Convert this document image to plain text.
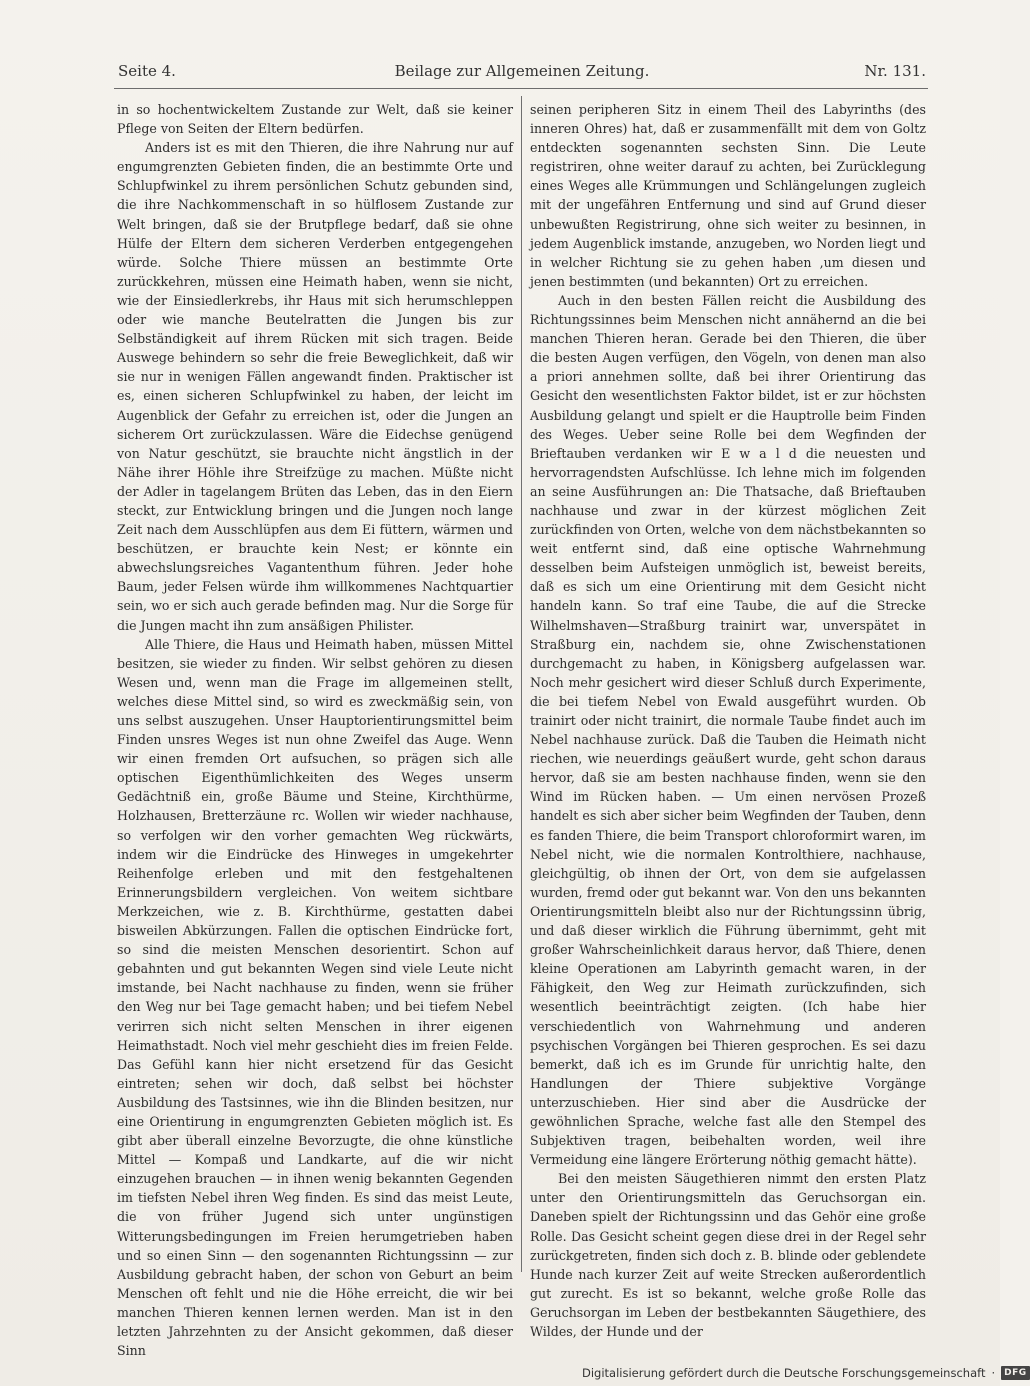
Seite 4.	Beilage zur Allgemeinen Zeitung.	Nr. 131.

in so hochentwickeltem Zustande zur Welt, daß sie keiner Pflege von Seiten der Eltern bedürfen.

Anders ist es mit den Thieren, die ihre Nahrung nur auf engumgrenzten Gebieten finden, die an bestimmte Orte und Schlupfwinkel zu ihrem persönlichen Schutz gebunden sind, die ihre Nachkommenschaft in so hülflosem Zustande zur Welt bringen, daß sie der Brutpflege bedarf, daß sie ohne Hülfe der Eltern dem sicheren Verderben entgegengehen würde. Solche Thiere müssen an bestimmte Orte zurückkehren, müssen eine Heimath haben, wenn sie nicht, wie der Einsiedlerkrebs, ihr Haus mit sich herumschleppen oder wie manche Beutelratten die Jungen bis zur Selbständigkeit auf ihrem Rücken mit sich tragen. Beide Auswege behindern so sehr die freie Beweglichkeit, daß wir sie nur in wenigen Fällen angewandt finden. Praktischer ist es, einen sicheren Schlupfwinkel zu haben, der leicht im Augenblick der Gefahr zu erreichen ist, oder die Jungen an sicherem Ort zurückzulassen. Wäre die Eidechse genügend von Natur geschützt, sie brauchte nicht ängstlich in der Nähe ihrer Höhle ihre Streifzüge zu machen. Müßte nicht der Adler in tagelangem Brüten das Leben, das in den Eiern steckt, zur Entwicklung bringen und die Jungen noch lange Zeit nach dem Ausschlüpfen aus dem Ei füttern, wärmen und beschützen, er brauchte kein Nest; er könnte ein abwechslungsreiches Vagantenthum führen. Jeder hohe Baum, jeder Felsen würde ihm willkommenes Nachtquartier sein, wo er sich auch gerade befinden mag. Nur die Sorge für die Jungen macht ihn zum ansäßigen Philister.

Alle Thiere, die Haus und Heimath haben, müssen Mittel besitzen, sie wieder zu finden. Wir selbst gehören zu diesen Wesen und, wenn man die Frage im allgemeinen stellt, welches diese Mittel sind, so wird es zweckmäßig sein, von uns selbst auszugehen. Unser Hauptorientirungsmittel beim Finden unsres Weges ist nun ohne Zweifel das Auge. Wenn wir einen fremden Ort aufsuchen, so prägen sich alle optischen Eigenthümlichkeiten des Weges unserm Gedächtniß ein, große Bäume und Steine, Kirchthürme, Holzhausen, Bretterzäune rc. Wollen wir wieder nachhause, so verfolgen wir den vorher gemachten Weg rückwärts, indem wir die Eindrücke des Hinweges in umgekehrter Reihenfolge erleben und mit den festgehaltenen Erinnerungsbildern vergleichen. Von weitem sichtbare Merkzeichen, wie z. B. Kirchthürme, gestatten dabei bisweilen Abkürzungen. Fallen die optischen Eindrücke fort, so sind die meisten Menschen desorientirt. Schon auf gebahnten und gut bekannten Wegen sind viele Leute nicht imstande, bei Nacht nachhause zu finden, wenn sie früher den Weg nur bei Tage gemacht haben; und bei tiefem Nebel verirren sich nicht selten Menschen in ihrer eigenen Heimathstadt. Noch viel mehr geschieht dies im freien Felde. Das Gefühl kann hier nicht ersetzend für das Gesicht eintreten; sehen wir doch, daß selbst bei höchster Ausbildung des Tastsinnes, wie ihn die Blinden besitzen, nur eine Orientirung in engumgrenzten Gebieten möglich ist. Es gibt aber überall einzelne Bevorzugte, die ohne künstliche Mittel — Kompaß und Landkarte, auf die wir nicht einzugehen brauchen — in ihnen wenig bekannten Gegenden im tiefsten Nebel ihren Weg finden. Es sind das meist Leute, die von früher Jugend sich unter ungünstigen Witterungsbedingungen im Freien herumgetrieben haben und so einen Sinn — den sogenannten Richtungssinn — zur Ausbildung gebracht haben, der schon von Geburt an beim Menschen oft fehlt und nie die Höhe erreicht, die wir bei manchen Thieren kennen lernen werden. Man ist in den letzten Jahrzehnten zu der Ansicht gekommen, daß dieser Sinn

seinen peripheren Sitz in einem Theil des Labyrinths (des inneren Ohres) hat, daß er zusammenfällt mit dem von Goltz entdeckten sogenannten sechsten Sinn. Die Leute registriren, ohne weiter darauf zu achten, bei Zurücklegung eines Weges alle Krümmungen und Schlängelungen zugleich mit der ungefähren Entfernung und sind auf Grund dieser unbewußten Registrirung, ohne sich weiter zu besinnen, in jedem Augenblick imstande, anzugeben, wo Norden liegt und in welcher Richtung sie zu gehen haben ,um diesen und jenen bestimmten (und bekannten) Ort zu erreichen.

Auch in den besten Fällen reicht die Ausbildung des Richtungssinnes beim Menschen nicht annähernd an die bei manchen Thieren heran. Gerade bei den Thieren, die über die besten Augen verfügen, den Vögeln, von denen man also a priori annehmen sollte, daß bei ihrer Orientirung das Gesicht den wesentlichsten Faktor bildet, ist er zur höchsten Ausbildung gelangt und spielt er die Hauptrolle beim Finden des Weges. Ueber seine Rolle bei dem Wegfinden der Brieftauben verdanken wir E w a l d die neuesten und hervorragendsten Aufschlüsse. Ich lehne mich im folgenden an seine Ausführungen an: Die Thatsache, daß Brieftauben nachhause und zwar in der kürzest möglichen Zeit zurückfinden von Orten, welche von dem nächstbekannten so weit entfernt sind, daß eine optische Wahrnehmung desselben beim Aufsteigen unmöglich ist, beweist bereits, daß es sich um eine Orientirung mit dem Gesicht nicht handeln kann. So traf eine Taube, die auf die Strecke Wilhelmshaven—Straßburg trainirt war, unverspätet in Straßburg ein, nachdem sie, ohne Zwischenstationen durchgemacht zu haben, in Königsberg aufgelassen war. Noch mehr gesichert wird dieser Schluß durch Experimente, die bei tiefem Nebel von Ewald ausgeführt wurden. Ob trainirt oder nicht trainirt, die normale Taube findet auch im Nebel nachhause zurück. Daß die Tauben die Heimath nicht riechen, wie neuerdings geäußert wurde, geht schon daraus hervor, daß sie am besten nachhause finden, wenn sie den Wind im Rücken haben. — Um einen nervösen Prozeß handelt es sich aber sicher beim Wegfinden der Tauben, denn es fanden Thiere, die beim Transport chloroformirt waren, im Nebel nicht, wie die normalen Kontrolthiere, nachhause, gleichgültig, ob ihnen der Ort, von dem sie aufgelassen wurden, fremd oder gut bekannt war. Von den uns bekannten Orientirungsmitteln bleibt also nur der Richtungssinn übrig, und daß dieser wirklich die Führung übernimmt, geht mit großer Wahrscheinlichkeit daraus hervor, daß Thiere, denen kleine Operationen am Labyrinth gemacht waren, in der Fähigkeit, den Weg zur Heimath zurückzufinden, sich wesentlich beeinträchtigt zeigten. (Ich habe hier verschiedentlich von Wahrnehmung und anderen psychischen Vorgängen bei Thieren gesprochen. Es sei dazu bemerkt, daß ich es im Grunde für unrichtig halte, den Handlungen der Thiere subjektive Vorgänge unterzuschieben. Hier sind aber die Ausdrücke der gewöhnlichen Sprache, welche fast alle den Stempel des Subjektiven tragen, beibehalten worden, weil ihre Vermeidung eine längere Erörterung nöthig gemacht hätte).

Bei den meisten Säugethieren nimmt den ersten Platz unter den Orientirungsmitteln das Geruchsorgan ein. Daneben spielt der Richtungssinn und das Gehör eine große Rolle. Das Gesicht scheint gegen diese drei in der Regel sehr zurückgetreten, finden sich doch z. B. blinde oder geblendete Hunde nach kurzer Zeit auf weite Strecken außerordentlich gut zurecht. Es ist so bekannt, welche große Rolle das Geruchsorgan im Leben der bestbekannten Säugethiere, des Wildes, der Hunde und der

Digitalisierung gefördert durch die Deutsche Forschungsgemeinschaft ·	DFG
